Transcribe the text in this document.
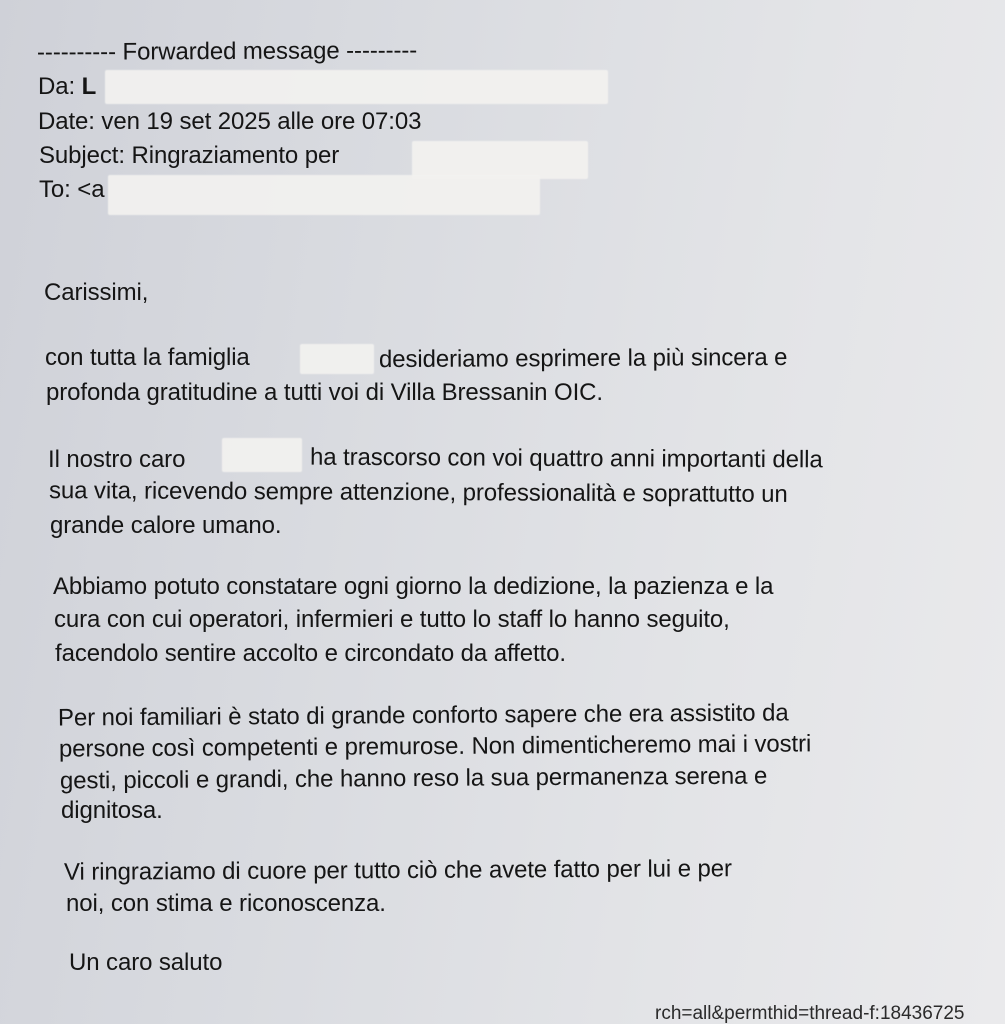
---------- Forwarded message ---------
Da: L
Date: ven 19 set 2025 alle ore 07:03
Subject: Ringraziamento per
To: <a
Carissimi,
con tutta la famiglia	desideriamo esprimere la più sincera e
profonda gratitudine a tutti voi di Villa Bressanin OIC.
Il nostro caro	ha trascorso con voi quattro anni importanti della
sua vita, ricevendo sempre attenzione, professionalità e soprattutto un
grande calore umano.
Abbiamo potuto constatare ogni giorno la dedizione, la pazienza e la
cura con cui operatori, infermieri e tutto lo staff lo hanno seguito,
facendolo sentire accolto e circondato da affetto.
Per noi familiari è stato di grande conforto sapere che era assistito da
persone così competenti e premurose. Non dimenticheremo mai i vostri
gesti, piccoli e grandi, che hanno reso la sua permanenza serena e
dignitosa.
Vi ringraziamo di cuore per tutto ciò che avete fatto per lui e per
noi, con stima e riconoscenza.
Un caro saluto
rch=all&permthid=thread-f:18436725
